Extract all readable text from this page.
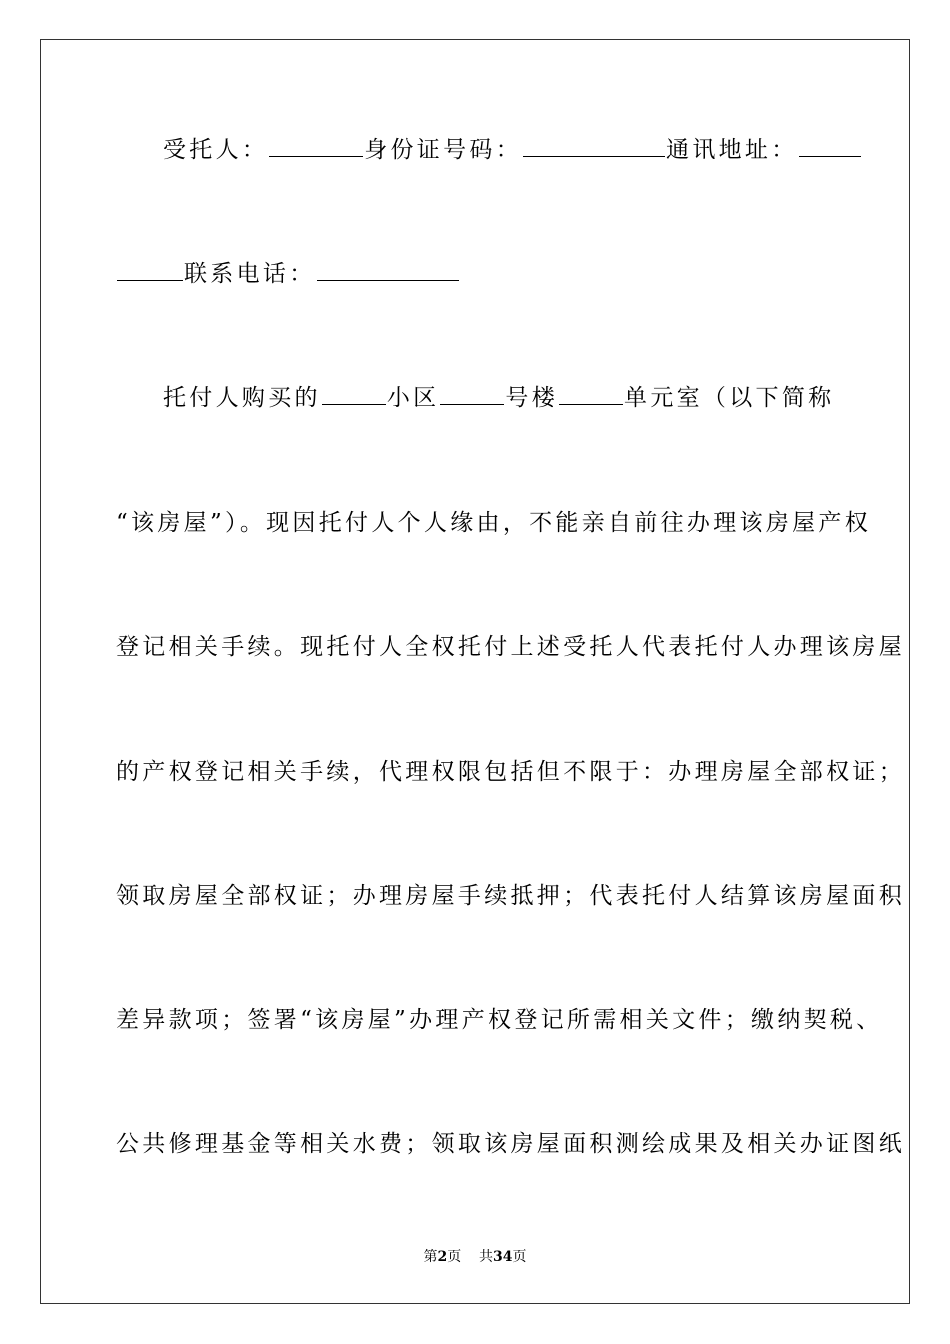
受托人：	身份证号码：	通讯地址：
联系电话：
托付人购买的	小区	号楼	单元室（以下简称
“该房屋”）。现因托付人个人缘由，不能亲自前往办理该房屋产权
登记相关手续。现托付人全权托付上述受托人代表托付人办理该房屋
的产权登记相关手续，代理权限包括但不限于：办理房屋全部权证；
领取房屋全部权证；办理房屋手续抵押；代表托付人结算该房屋面积
差异款项；签署“该房屋”办理产权登记所需相关文件；缴纳契税、
公共修理基金等相关水费；领取该房屋面积测绘成果及相关办证图纸
第2页 共34页
